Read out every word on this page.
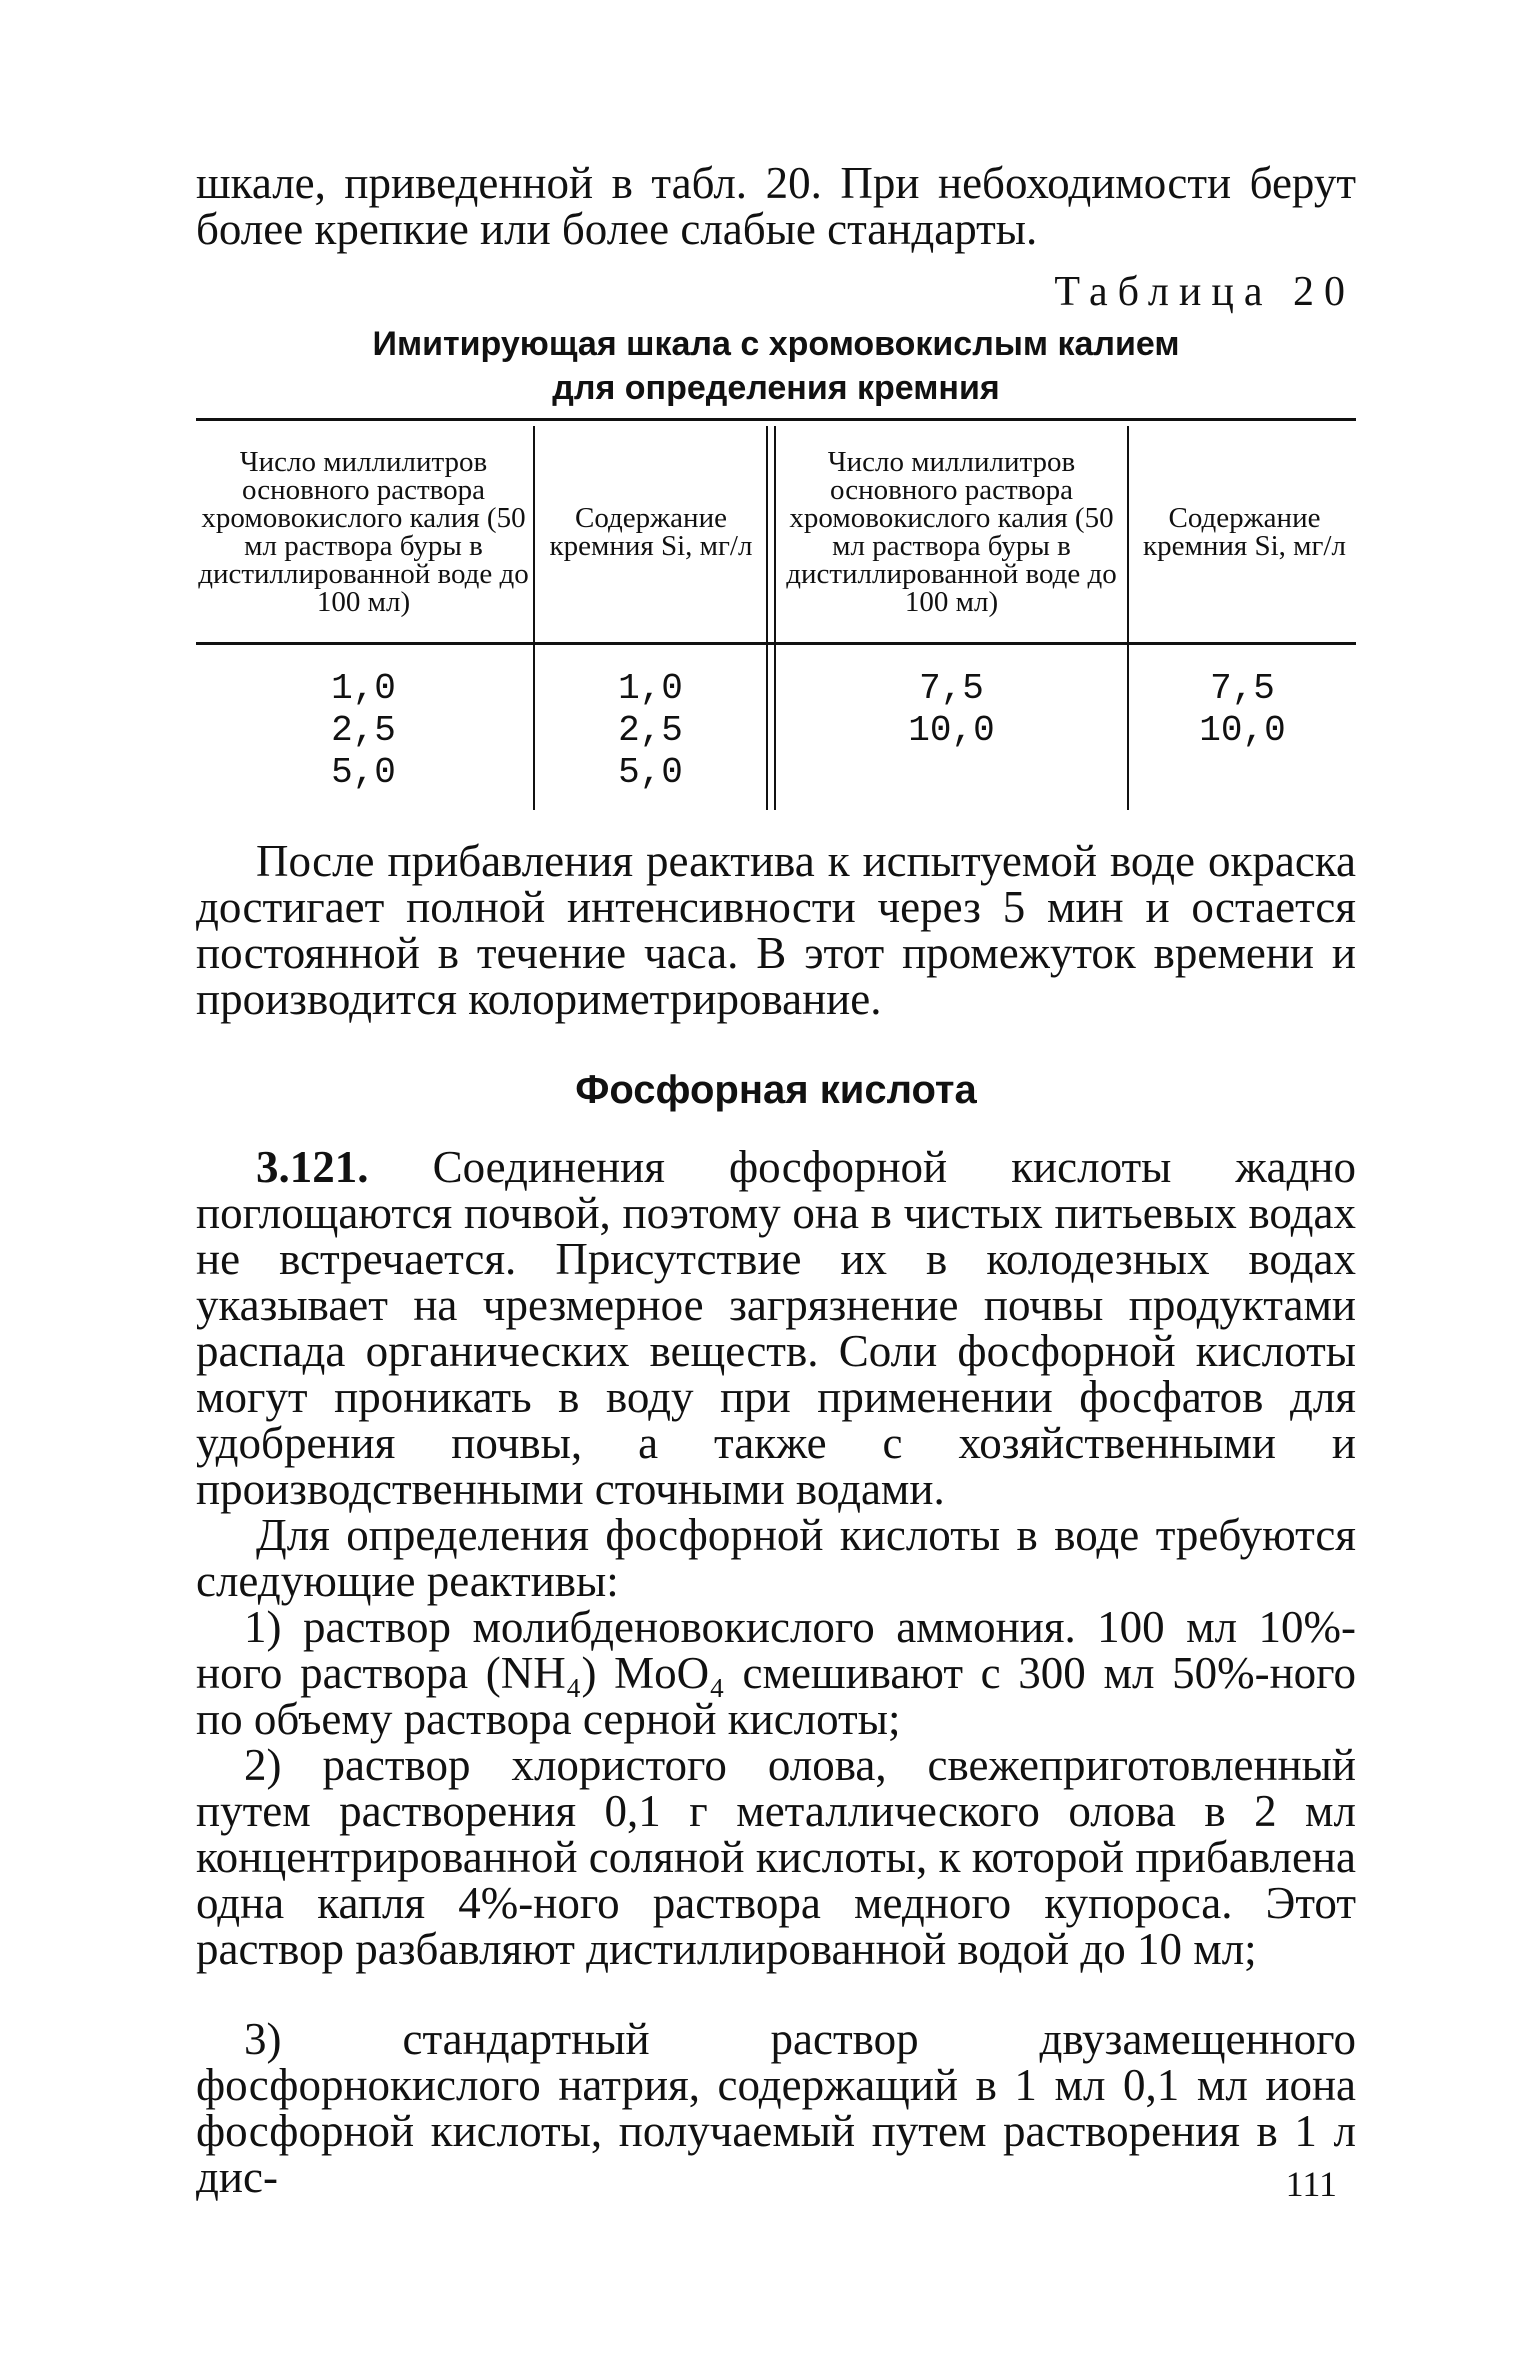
шкале, приведенной в табл. 20. При небоходимости берут более крепкие или более слабые стандарты.

Таблица 20
Имитирующая шкала с хромовокислым калием
для определения кремния
Число миллилитров основного раствора хромовокислого калия (50 мл раствора буры в дистиллированной воде до 100 мл)
Содержание кремния Si, мг/л
Число миллилитров основного раствора хромовокислого калия (50 мл раствора буры в дистиллированной воде до 100 мл)
Содержание кремния Si, мг/л
1,0
2,5
5,0
1,0
2,5
5,0
7,5
10,0
7,5
10,0

После прибавления реактива к испытуемой воде окраска достигает полной интенсивности через 5 мин и остается постоянной в течение часа. В этот промежуток времени и производится колориметрирование.

Фосфорная кислота

3.121. Соединения фосфорной кислоты жадно поглощаются почвой, поэтому она в чистых питьевых водах не встречается. Присутствие их в колодезных водах указывает на чрезмерное загрязнение почвы продуктами распада органических веществ. Соли фосфорной кислоты могут проникать в воду при применении фосфатов для удобрения почвы, а также с хозяйственными и производственными сточными водами.

Для определения фосфорной кислоты в воде требуются следующие реактивы:

1) раствор молибденовокислого аммония. 100 мл 10%-ного раствора (NH₄) MoO₄ смешивают с 300 мл 50%-ного по объему раствора серной кислоты;

2) раствор хлористого олова, свежеприготовленный путем растворения 0,1 г металлического олова в 2 мл концентрированной соляной кислоты, к которой прибавлена одна капля 4%-ного раствора медного купороса. Этот раствор разбавляют дистиллированной водой до 10 мл;

3) стандартный раствор двузамещенного фосфорнокислого натрия, содержащий в 1 мл 0,1 мл иона фосфорной кислоты, получаемый путем растворения в 1 л дис-	111
